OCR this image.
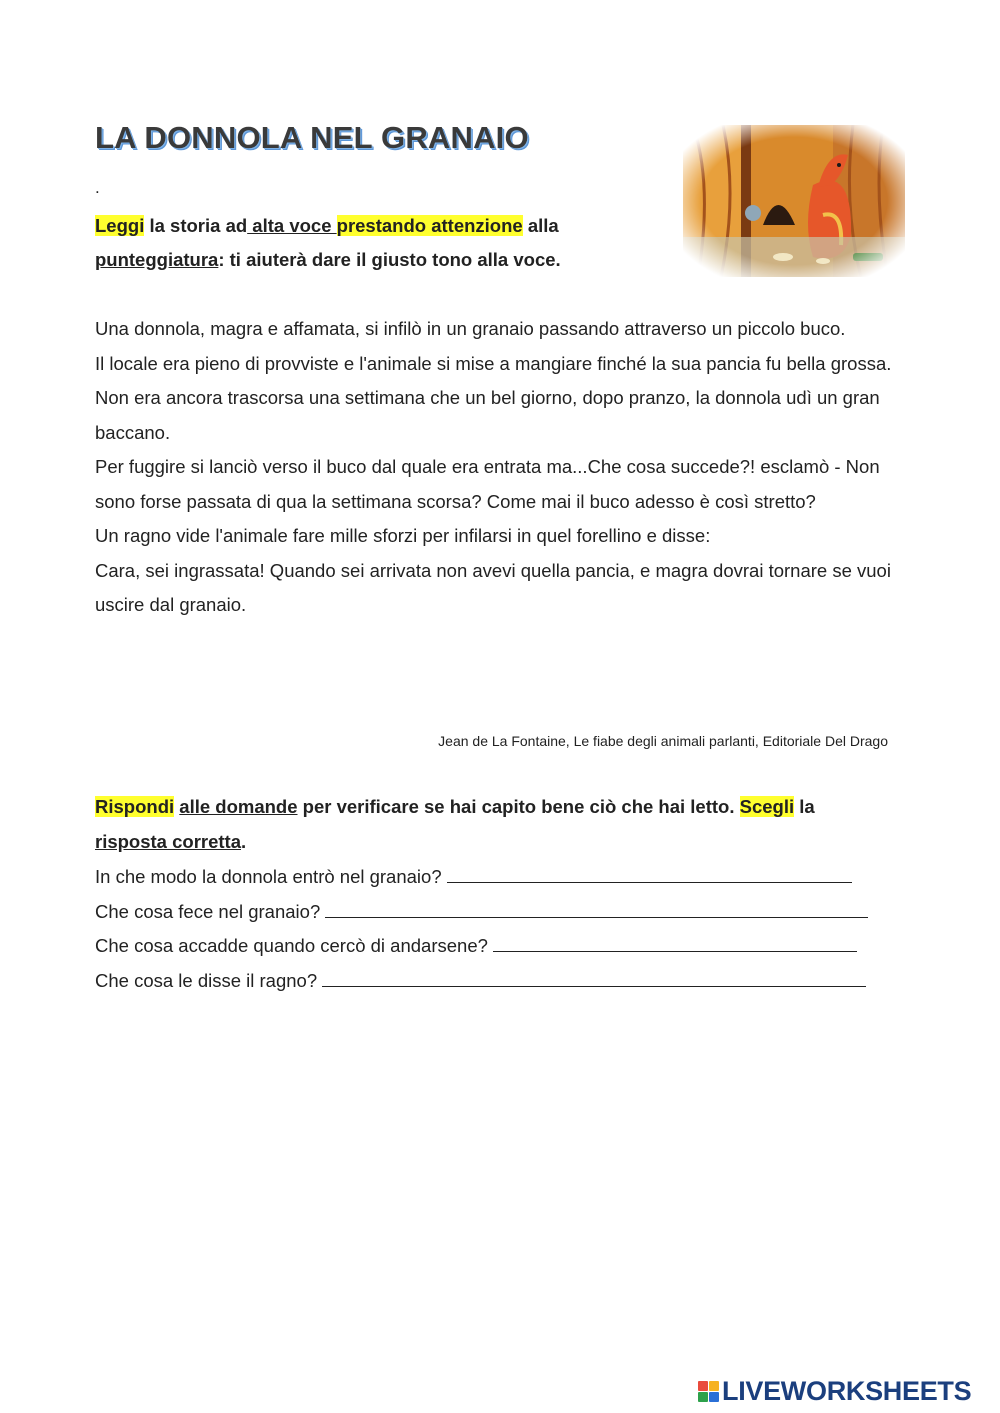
LA DONNOLA NEL GRANAIO
.
Leggi la storia ad alta voce prestando attenzione alla
punteggiatura: ti aiuterà dare il giusto tono alla voce.

Una donnola, magra e affamata, si infilò in un granaio passando attraverso un piccolo buco.

Il locale era pieno di provviste e l'animale si mise a mangiare finché la sua pancia fu bella grossa.

Non era ancora trascorsa una settimana che un bel giorno, dopo pranzo, la donnola udì un gran baccano.

Per fuggire si lanciò verso il buco dal quale era entrata ma...Che cosa succede?! esclamò - Non sono forse passata di qua la settimana scorsa? Come mai il buco adesso è così stretto?

Un ragno vide l'animale fare mille sforzi per infilarsi in quel forellino e disse:

Cara, sei ingrassata! Quando sei arrivata non avevi quella pancia, e magra dovrai tornare se vuoi uscire dal granaio.

Jean de La Fontaine, Le fiabe degli animali parlanti, Editoriale Del Drago
Rispondi alle domande per verificare se hai capito bene ciò che hai letto. Scegli la
risposta corretta.
In che modo la donnola entrò nel granaio?
Che cosa fece nel granaio?
Che cosa accadde quando cercò di andarsene?
Che cosa le disse il ragno?
LIVEWORKSHEETS
